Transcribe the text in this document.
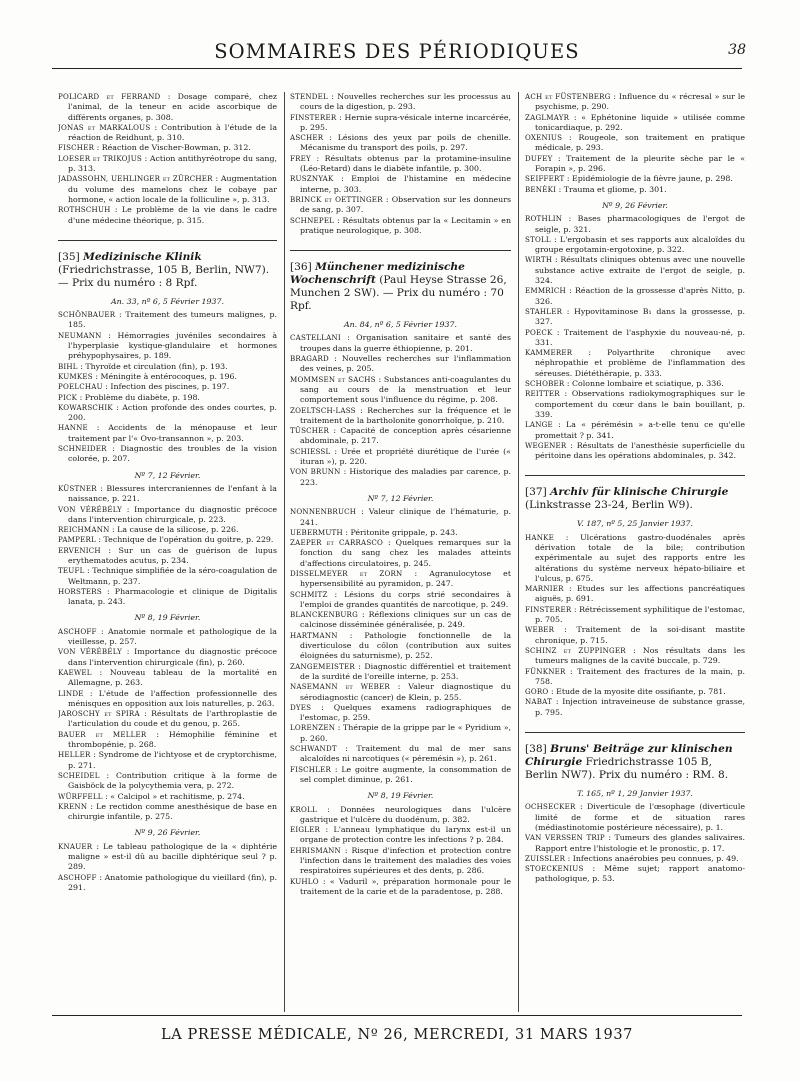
SOMMAIRES DES PÉRIODIQUES	38

POLICARD et FERRAND : Dosage comparé, chez l'animal, de la teneur en acide ascorbique de différents organes, p. 308.

JONAS et MARKALOUS : Contribution à l'étude de la réaction de Reidhunt, p. 310.

FISCHER : Réaction de Vischer-Bowman, p. 312.

LOESER et TRIKOJUS : Action antithyréotrope du sang, p. 313.

JADASSOHN, UEHLINGER et ZÜRCHER : Augmentation du volume des mamelons chez le cobaye par hormone, « action locale de la folliculine », p. 313.

ROTHSCHUH : Le problème de la vie dans le cadre d'une médecine théorique, p. 315.

[35] Medizinische Klinik (Friedrichstrasse, 105 B, Berlin, NW7). — Prix du numéro : 8 Rpf.
An. 33, nº 6, 5 Février 1937.

SCHÖNBAUER : Traitement des tumeurs malignes, p. 185.

NEUMANN : Hémorragies juvéniles secondaires à l'hyperplasie kystique-glandulaire et hormones préhypophysaires, p. 189.

BIHL : Thyroïde et circulation (fin), p. 193.

KUMKES : Méningite à entérocoques, p. 196.

POELCHAU : Infection des piscines, p. 197.

PICK : Problème du diabète, p. 198.

KOWARSCHIK : Action profonde des ondes courtes, p. 200.

HANNE : Accidents de la ménopause et leur traitement par l'« Ovo-transannon », p. 203.

SCHNEIDER : Diagnostic des troubles de la vision colorée, p. 207.

Nº 7, 12 Février.

KÜSTNER : Blessures intercraniennes de l'enfant à la naissance, p. 221.

VON VÉRÉBÉLY : Importance du diagnostic précoce dans l'intervention chirurgicale, p. 223.

REICHMANN : La cause de la silicose, p. 226.

PAMPERL : Technique de l'opération du goitre, p. 229.

ERVENICH : Sur un cas de guérison de lupus erythematodes acutus, p. 234.

TEUFL : Technique simplifiée de la séro-coagulation de Weltmann, p. 237.

HORSTERS : Pharmacologie et clinique de Digitalis lanata, p. 243.

Nº 8, 19 Février.

ASCHOFF : Anatomie normale et pathologique de la vieillesse, p. 257.

VON VÉRÉBÉLY : Importance du diagnostic précoce dans l'intervention chirurgicale (fin), p. 260.

KAEWEL : Nouveau tableau de la mortalité en Allemagne, p. 263.

LINDE : L'étude de l'affection professionnelle des ménisques en opposition aux lois naturelles, p. 263.

JAROSCHY et SPIRA : Résultats de l'arthroplastie de l'articulation du coude et du genou, p. 265.

BAUER et MELLER : Hémophilie féminine et thrombopénie, p. 268.

HELLER : Syndrome de l'ichtyose et de cryptorchisme, p. 271.

SCHEIDEL : Contribution critique à la forme de Gaisböck de la polycythemia vera, p. 272.

WÜRFFELL : « Calcipol » et rachitisme, p. 274.

KRENN : Le rectidon comme anesthésique de base en chirurgie infantile, p. 275.

Nº 9, 26 Février.

KNAUER : Le tableau pathologique de la « diphtérie maligne » est-il dû au bacille diphtérique seul ? p. 289.

ASCHOFF : Anatomie pathologique du vieillard (fin), p. 291.

STENDEL : Nouvelles recherches sur les processus au cours de la digestion, p. 293.

FINSTERER : Hernie supra-vésicale interne incarcérée, p. 295.

ASCHER : Lésions des yeux par poils de chenille. Mécanisme du transport des poils, p. 297.

FREY : Résultats obtenus par la protamine-insuline (Léo-Retard) dans le diabète infantile, p. 300.

RUSZNYAK : Emploi de l'histamine en médecine interne, p. 303.

BRINCK et OETTINGER : Observation sur les donneurs de sang, p. 307.

SCHNEPEL : Résultats obtenus par la « Lecitamin » en pratique neurologique, p. 308.

[36] Münchener medizinische Wochenschrift (Paul Heyse Strasse 26, Munchen 2 SW). — Prix du numéro : 70 Rpf.
An. 84, nº 6, 5 Février 1937.

CASTELLANI : Organisation sanitaire et santé des troupes dans la guerre éthiopienne, p. 201.

BRAGARD : Nouvelles recherches sur l'inflammation des veines, p. 205.

MOMMSEN et SACHS : Substances anti-coagulantes du sang au cours de la menstruation et leur comportement sous l'influence du régime, p. 208.

ZOELTSCH-LASS : Recherches sur la fréquence et le traitement de la bartholonite gonorrhoïque, p. 210.

TÜSCHER : Capacité de conception après césarienne abdominale, p. 217.

SCHIESSL : Urée et propriété diurétique de l'urée (« ituran »), p. 220.

VON BRUNN : Historique des maladies par carence, p. 223.

Nº 7, 12 Février.

NONNENBRUCH : Valeur clinique de l'hématurie, p. 241.

UEBERMUTH : Péritonite grippale, p. 243.

ZAEPER et CARRASCO : Quelques remarques sur la fonction du sang chez les malades atteints d'affections circulatoires, p. 245.

DISSELMEYER et ZORN : Agranulocytose et hypersensibilité au pyramidon, p. 247.

SCHMITZ : Lésions du corps strié secondaires à l'emploi de grandes quantités de narcotique, p. 249.

BLANCKENBURG : Réflexions cliniques sur un cas de calcinose disséminée généralisée, p. 249.

HARTMANN : Pathologie fonctionnelle de la diverticulose du côlon (contribution aux suites éloignées du saturnisme), p. 252.

ZANGEMEISTER : Diagnostic différentiel et traitement de la surdité de l'oreille interne, p. 253.

NASEMANN et WEBER : Valeur diagnostique du sérodiagnostic (cancer) de Klein, p. 255.

DYES : Quelques examens radiographiques de l'estomac, p. 259.

LORENZEN : Thérapie de la grippe par le « Pyridium », p. 260.

SCHWANDT : Traitement du mal de mer sans alcaloïdes ni narcotiques (« péremésin »), p. 261.

FISCHLER : Le goitre augmente, la consommation de sel complet diminue, p. 261.

Nº 8, 19 Février.

KROLL : Données neurologiques dans l'ulcère gastrique et l'ulcère du duodénum, p. 382.

EIGLER : L'anneau lymphatique du larynx est-il un organe de protection contre les infections ? p. 284.

EHRISMANN : Risque d'infection et protection contre l'infection dans le traitement des maladies des voies respiratoires supérieures et des dents, p. 286.

KUHLO : « Vaduril », préparation hormonale pour le traitement de la carie et de la paradentose, p. 288.

ACH et FÜSTENBERG : Influence du « récresal » sur le psychisme, p. 290.

ZAGLMAYR : « Ephétonine liquide » utilisée comme tonicardiaque, p. 292.

OXENIUS : Rougeole, son traitement en pratique médicale, p. 293.

DUFEY : Traitement de la pleurite sèche par le « Forapin », p. 296.

SEIFFERT : Epidémiologie de la fièvre jaune, p. 298.

BENÈKI : Trauma et gliome, p. 301.

Nº 9, 26 Février.

ROTHLIN : Bases pharmacologiques de l'ergot de seigle, p. 321.

STOLL : L'ergobasin et ses rapports aux alcaloïdes du groupe ergotamin-ergotoxine, p. 322.

WIRTH : Résultats cliniques obtenus avec une nouvelle substance active extraite de l'ergot de seigle, p. 324.

EMMRICH : Réaction de la grossesse d'après Nitto, p. 326.

STAHLER : Hypovitaminose B₁ dans la grossesse, p. 327.

POECK : Traitement de l'asphyxie du nouveau-né, p. 331.

KAMMERER : Polyarthrite chronique avec néphropathie et problème de l'inflammation des séreuses. Diététhérapie, p. 333.

SCHOBER : Colonne lombaire et sciatique, p. 336.

REITTER : Observations radiokymographiques sur le comportement du cœur dans le bain bouillant, p. 339.

LANGE : La « pérémésin » a-t-elle tenu ce qu'elle promettait ? p. 341.

WEGENER : Résultats de l'anesthésie superficielle du péritoine dans les opérations abdominales, p. 342.

[37] Archiv für klinische Chirurgie (Linkstrasse 23-24, Berlin W9).
V. 187, nº 5, 25 Janvier 1937.

HANKE : Ulcérations gastro-duodénales après dérivation totale de la bile; contribution expérimentale au sujet des rapports entre les altérations du système nerveux hépato-biliaire et l'ulcus, p. 675.

MARNIER : Etudes sur les affections pancréatiques aiguës, p. 691.

FINSTERER : Rétrécissement syphilitique de l'estomac, p. 705.

WEBER : Traitement de la soi-disant mastite chronique, p. 715.

SCHINZ et ZUPPINGER : Nos résultats dans les tumeurs malignes de la cavité buccale, p. 729.

FÜNKNER : Traitement des fractures de la main, p. 758.

GORO : Etude de la myosite dite ossifiante, p. 781.

NABAT : Injection intraveineuse de substance grasse, p. 795.

[38] Bruns' Beiträge zur klinischen Chirurgie Friedrichstrasse 105 B, Berlin NW7). Prix du numéro : RM. 8.
T. 165, nº 1, 29 Janvier 1937.

OCHSECKER : Diverticule de l'œsophage (diverticule limité de forme et de situation rares (médiastinotomie postérieure nécessaire), p. 1.

VAN VERSSEN TRIP : Tumeurs des glandes salivaires. Rapport entre l'histologie et le pronostic, p. 17.

ZUISSLER : Infections anaérobies peu connues, p. 49.

STOECKENIUS : Même sujet; rapport anatomo-pathologique, p. 53.

LA PRESSE MÉDICALE, Nº 26, MERCREDI, 31 MARS 1937
